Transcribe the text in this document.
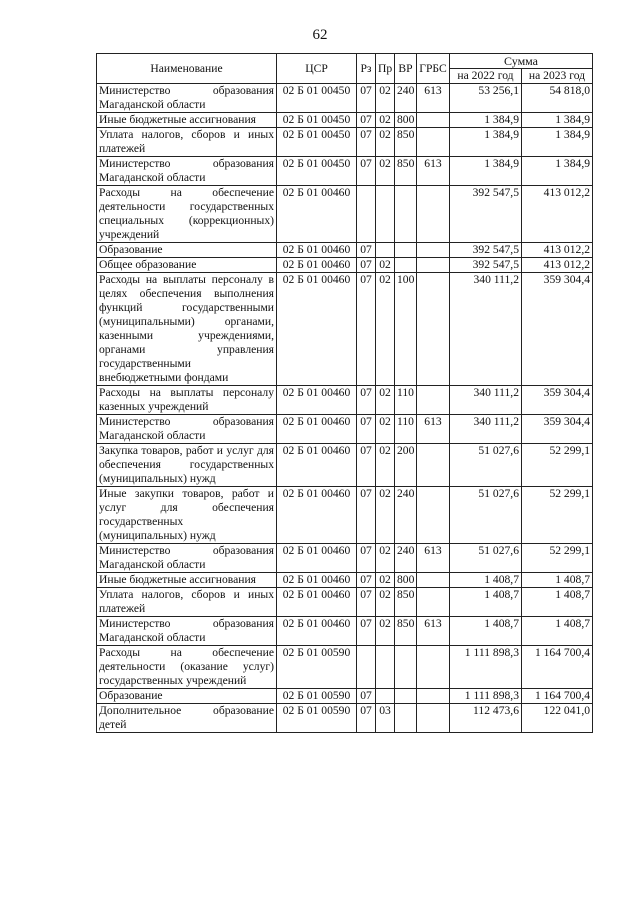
62
Наименование	ЦСР	Рз	Пр	ВР	ГРБС	Сумма	
						на 2022 год	на 2023 год
Министерство образования Магаданской области	02 Б 01 00450	07	02	240	613	53 256,1	54 818,0
Иные бюджетные ассигнования	02 Б 01 00450	07	02	800		1 384,9	1 384,9
Уплата налогов, сборов и иных платежей	02 Б 01 00450	07	02	850		1 384,9	1 384,9
Министерство образования Магаданской области	02 Б 01 00450	07	02	850	613	1 384,9	1 384,9
Расходы на обеспечение деятельности государственных специальных (коррекционных) учреждений	02 Б 01 00460					392 547,5	413 012,2
Образование	02 Б 01 00460	07				392 547,5	413 012,2
Общее образование	02 Б 01 00460	07	02			392 547,5	413 012,2
Расходы на выплаты персоналу в целях обеспечения выполнения функций государственными (муниципальными) органами, казенными учреждениями, органами управления государственными внебюджетными фондами	02 Б 01 00460	07	02	100		340 111,2	359 304,4
Расходы на выплаты персоналу казенных учреждений	02 Б 01 00460	07	02	110		340 111,2	359 304,4
Министерство образования Магаданской области	02 Б 01 00460	07	02	110	613	340 111,2	359 304,4
Закупка товаров, работ и услуг для обеспечения государственных (муниципальных) нужд	02 Б 01 00460	07	02	200		51 027,6	52 299,1
Иные закупки товаров, работ и услуг для обеспечения государственных (муниципальных) нужд	02 Б 01 00460	07	02	240		51 027,6	52 299,1
Министерство образования Магаданской области	02 Б 01 00460	07	02	240	613	51 027,6	52 299,1
Иные бюджетные ассигнования	02 Б 01 00460	07	02	800		1 408,7	1 408,7
Уплата налогов, сборов и иных платежей	02 Б 01 00460	07	02	850		1 408,7	1 408,7
Министерство образования Магаданской области	02 Б 01 00460	07	02	850	613	1 408,7	1 408,7
Расходы на обеспечение деятельности (оказание услуг) государственных учреждений	02 Б 01 00590					1 111 898,3	1 164 700,4
Образование	02 Б 01 00590	07				1 111 898,3	1 164 700,4
Дополнительное образование детей	02 Б 01 00590	07	03			112 473,6	122 041,0
